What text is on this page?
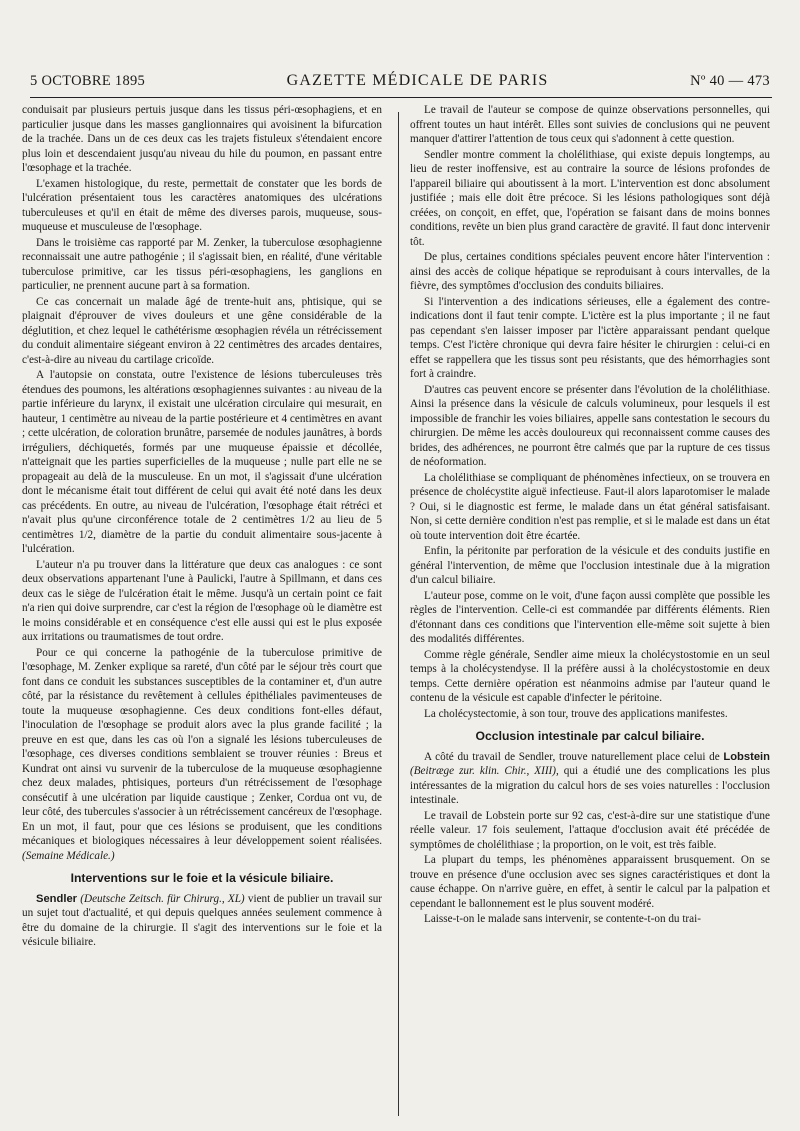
5 OCTOBRE 1895	GAZETTE MÉDICALE DE PARIS	Nº 40 — 473

conduisait par plusieurs pertuis jusque dans les tissus péri-œsophagiens, et en particulier jusque dans les masses ganglionnaires qui avoisinent la bifurcation de la trachée. Dans un de ces deux cas les trajets fistuleux s'étendaient encore plus loin et descendaient jusqu'au niveau du hile du poumon, en passant entre l'œsophage et la trachée.

L'examen histologique, du reste, permettait de constater que les bords de l'ulcération présentaient tous les caractères anatomiques des ulcérations tuberculeuses et qu'il en était de même des diverses parois, muqueuse, sous-muqueuse et musculeuse de l'œsophage.

Dans le troisième cas rapporté par M. Zenker, la tuberculose œsophagienne reconnaissait une autre pathogénie ; il s'agissait bien, en réalité, d'une véritable tuberculose primitive, car les tissus péri-œsophagiens, les ganglions en particulier, ne prennent aucune part à sa formation.

Ce cas concernait un malade âgé de trente-huit ans, phtisique, qui se plaignait d'éprouver de vives douleurs et une gêne considérable de la déglutition, et chez lequel le cathétérisme œsophagien révéla un rétrécissement du conduit alimentaire siégeant environ à 22 centimètres des arcades dentaires, c'est-à-dire au niveau du cartilage cricoïde.

A l'autopsie on constata, outre l'existence de lésions tuberculeuses très étendues des poumons, les altérations œsophagiennes suivantes : au niveau de la partie inférieure du larynx, il existait une ulcération circulaire qui mesurait, en hauteur, 1 centimètre au niveau de la partie postérieure et 4 centimètres en avant ; cette ulcération, de coloration brunâtre, parsemée de nodules jaunâtres, à bords irréguliers, déchiquetés, formés par une muqueuse épaissie et décollée, n'atteignait que les parties superficielles de la muqueuse ; nulle part elle ne se propageait au delà de la musculeuse. En un mot, il s'agissait d'une ulcération dont le mécanisme était tout différent de celui qui avait été noté dans les deux cas précédents. En outre, au niveau de l'ulcération, l'œsophage était rétréci et n'avait plus qu'une circonférence totale de 2 centimètres 1/2 au lieu de 5 centimètres 1/2, diamètre de la partie du conduit alimentaire sous-jacente à l'ulcération.

L'auteur n'a pu trouver dans la littérature que deux cas analogues : ce sont deux observations appartenant l'une à Paulicki, l'autre à Spillmann, et dans ces deux cas le siège de l'ulcération était le même. Jusqu'à un certain point ce fait n'a rien qui doive surprendre, car c'est la région de l'œsophage où le diamètre est le moins considérable et en conséquence c'est elle aussi qui est le plus exposée aux irritations ou traumatismes de tout ordre.

Pour ce qui concerne la pathogénie de la tuberculose primitive de l'œsophage, M. Zenker explique sa rareté, d'un côté par le séjour très court que font dans ce conduit les substances susceptibles de la contaminer et, d'un autre côté, par la résistance du revêtement à cellules épithéliales pavimenteuses de toute la muqueuse œsophagienne. Ces deux conditions font-elles défaut, l'inoculation de l'œsophage se produit alors avec la plus grande facilité ; la preuve en est que, dans les cas où l'on a signalé les lésions tuberculeuses de l'œsophage, ces diverses conditions semblaient se trouver réunies : Breus et Kundrat ont ainsi vu survenir de la tuberculose de la muqueuse œsophagienne chez deux malades, phtisiques, porteurs d'un rétrécissement de l'œsophage consécutif à une ulcération par liquide caustique ; Zenker, Cordua ont vu, de leur côté, des tubercules s'associer à un rétrécissement cancéreux de l'œsophage. En un mot, il faut, pour que ces lésions se produisent, que les conditions mécaniques et biologiques nécessaires à leur développement soient réalisées. (Semaine Médicale.)

Interventions sur le foie et la vésicule biliaire.

Sendler (Deutsche Zeitsch. für Chirurg., XL) vient de publier un travail sur un sujet tout d'actualité, et qui depuis quelques années seulement commence à être du domaine de la chirurgie. Il s'agit des interventions sur le foie et la vésicule biliaire.

Le travail de l'auteur se compose de quinze observations personnelles, qui offrent toutes un haut intérêt. Elles sont suivies de conclusions qui ne peuvent manquer d'attirer l'attention de tous ceux qui s'adonnent à cette question.

Sendler montre comment la cholélithiase, qui existe depuis longtemps, au lieu de rester inoffensive, est au contraire la source de lésions profondes de l'appareil biliaire qui aboutissent à la mort. L'intervention est donc absolument justifiée ; mais elle doit être précoce. Si les lésions pathologiques sont déjà créées, on conçoit, en effet, que, l'opération se faisant dans de moins bonnes conditions, revête un bien plus grand caractère de gravité. Il faut donc intervenir tôt.

De plus, certaines conditions spéciales peuvent encore hâter l'intervention : ainsi des accès de colique hépatique se reproduisant à cours intervalles, de la fièvre, des symptômes d'occlusion des conduits biliaires.

Si l'intervention a des indications sérieuses, elle a également des contre-indications dont il faut tenir compte. L'ictère est la plus importante ; il ne faut pas cependant s'en laisser imposer par l'ictère apparaissant pendant quelque temps. C'est l'ictère chronique qui devra faire hésiter le chirurgien : celui-ci en effet se rappellera que les tissus sont peu résistants, que des hémorrhagies sont fort à craindre.

D'autres cas peuvent encore se présenter dans l'évolution de la cholélithiase. Ainsi la présence dans la vésicule de calculs volumineux, pour lesquels il est impossible de franchir les voies biliaires, appelle sans contestation le secours du chirurgien. De même les accès douloureux qui reconnaissent comme causes des brides, des adhérences, ne pourront être calmés que par la rupture de ces tissus de néoformation.

La cholélithiase se compliquant de phénomènes infectieux, on se trouvera en présence de cholécystite aiguë infectieuse. Faut-il alors laparotomiser le malade ? Oui, si le diagnostic est ferme, le malade dans un état général satisfaisant. Non, si cette dernière condition n'est pas remplie, et si le malade est dans un état où toute intervention doit être écartée.

Enfin, la péritonite par perforation de la vésicule et des conduits justifie en général l'intervention, de même que l'occlusion intestinale due à la migration d'un calcul biliaire.

L'auteur pose, comme on le voit, d'une façon aussi complète que possible les règles de l'intervention. Celle-ci est commandée par différents éléments. Rien d'étonnant dans ces conditions que l'intervention elle-même soit sujette à bien des modalités différentes.

Comme règle générale, Sendler aime mieux la cholécystostomie en un seul temps à la cholécystendyse. Il la préfère aussi à la cholécystostomie en deux temps. Cette dernière opération est néanmoins admise par l'auteur quand le contenu de la vésicule est capable d'infecter le péritoine.

La cholécystectomie, à son tour, trouve des applications manifestes.

Occlusion intestinale par calcul biliaire.

A côté du travail de Sendler, trouve naturellement place celui de Lobstein (Beitræge zur. klin. Chir., XIII), qui a étudié une des complications les plus intéressantes de la migration du calcul hors de ses voies naturelles : l'occlusion intestinale.

Le travail de Lobstein porte sur 92 cas, c'est-à-dire sur une statistique d'une réelle valeur. 17 fois seulement, l'attaque d'occlusion avait été précédée de symptômes de cholélithiase ; la proportion, on le voit, est très faible.

La plupart du temps, les phénomènes apparaissent brusquement. On se trouve en présence d'une occlusion avec ses signes caractéristiques et dont la cause échappe. On n'arrive guère, en effet, à sentir le calcul par la palpation et cependant le ballonnement est le plus souvent modéré.

Laisse-t-on le malade sans intervenir, se contente-t-on du trai-
